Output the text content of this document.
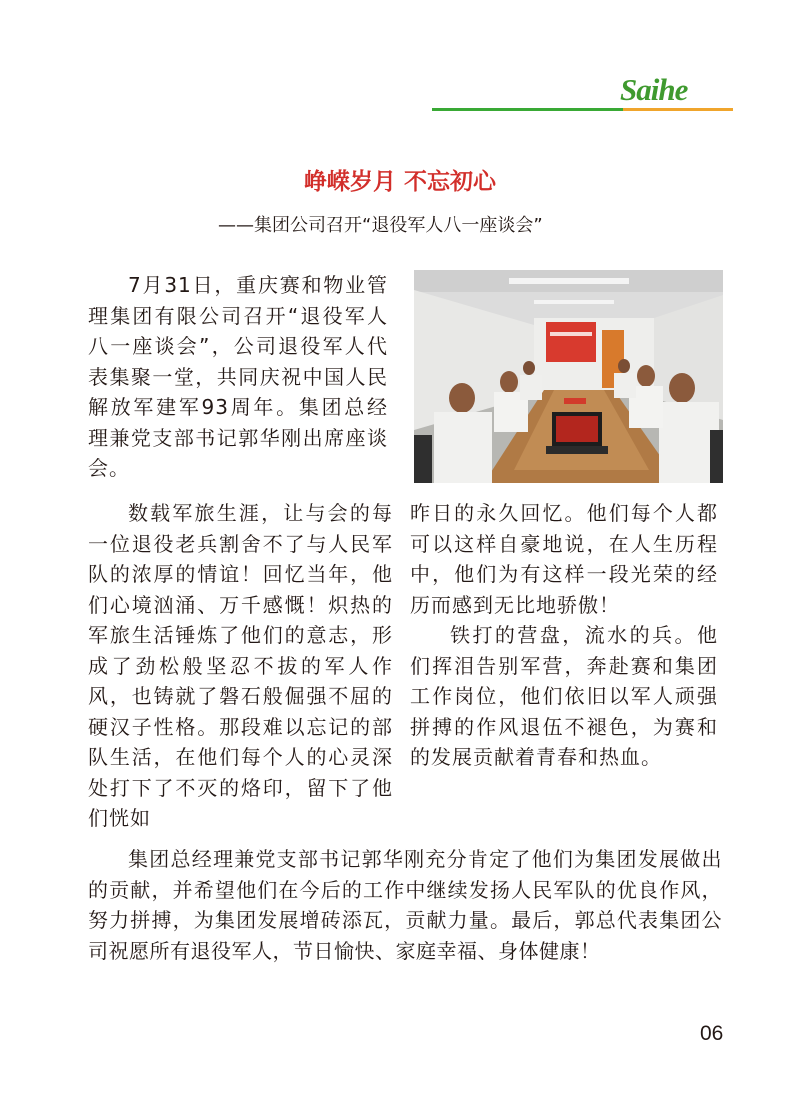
Saihe
峥嵘岁月 不忘初心
——集团公司召开“退役军人八一座谈会”

7月31日，重庆赛和物业管理集团有限公司召开“退役军人八一座谈会”，公司退役军人代表集聚一堂，共同庆祝中国人民解放军建军93周年。集团总经理兼党支部书记郭华刚出席座谈会。

数载军旅生涯，让与会的每一位退役老兵割舍不了与人民军队的浓厚的情谊！回忆当年，他们心境汹涌、万千感慨！炽热的军旅生活锤炼了他们的意志，形成了劲松般坚忍不拔的军人作风，也铸就了磐石般倔强不屈的硬汉子性格。那段难以忘记的部队生活，在他们每个人的心灵深处打下了不灭的烙印，留下了他们恍如

昨日的永久回忆。他们每个人都可以这样自豪地说，在人生历程中，他们为有这样一段光荣的经历而感到无比地骄傲！
铁打的营盘，流水的兵。他们挥泪告别军营，奔赴赛和集团工作岗位，他们依旧以军人顽强拼搏的作风退伍不褪色，为赛和的发展贡献着青春和热血。

集团总经理兼党支部书记郭华刚充分肯定了他们为集团发展做出的贡献，并希望他们在今后的工作中继续发扬人民军队的优良作风，努力拼搏，为集团发展增砖添瓦，贡献力量。最后，郭总代表集团公司祝愿所有退役军人，节日愉快、家庭幸福、身体健康！

06
